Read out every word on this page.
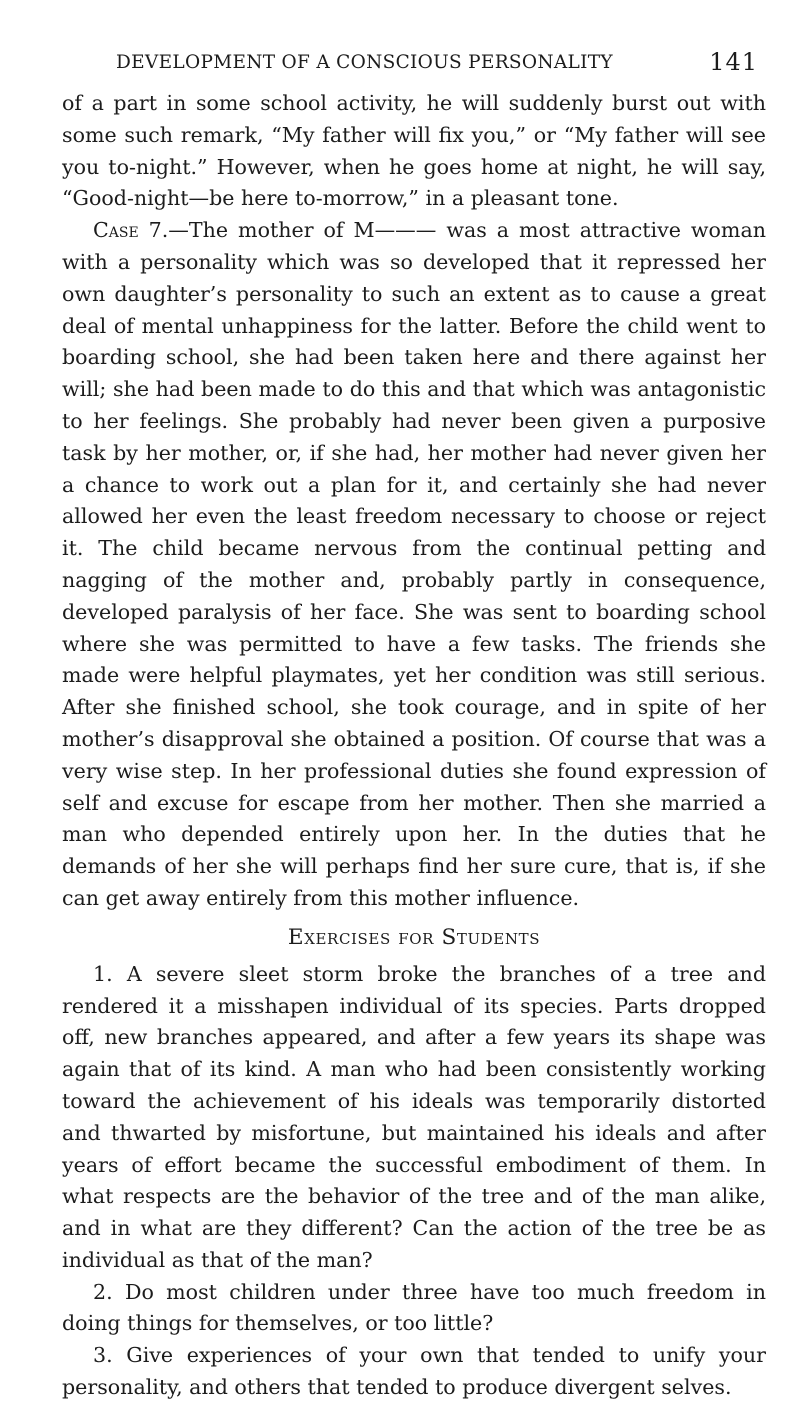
DEVELOPMENT OF A CONSCIOUS PERSONALITY	141

of a part in some school activity, he will suddenly burst out with some such remark, “My father will fix you,” or “My father will see you to-night.” However, when he goes home at night, he will say, “Good-night—be here to-morrow,” in a pleasant tone.

Case 7.—The mother of M——— was a most attractive woman with a personality which was so developed that it repressed her own daughter’s personality to such an extent as to cause a great deal of mental unhappiness for the latter. Before the child went to boarding school, she had been taken here and there against her will; she had been made to do this and that which was antagonistic to her feelings. She probably had never been given a purposive task by her mother, or, if she had, her mother had never given her a chance to work out a plan for it, and certainly she had never allowed her even the least freedom necessary to choose or reject it. The child became nervous from the continual petting and nagging of the mother and, probably partly in consequence, developed paralysis of her face. She was sent to boarding school where she was permitted to have a few tasks. The friends she made were helpful playmates, yet her condition was still serious. After she finished school, she took courage, and in spite of her mother’s disapproval she obtained a position. Of course that was a very wise step. In her professional duties she found expression of self and excuse for escape from her mother. Then she married a man who depended entirely upon her. In the duties that he demands of her she will perhaps find her sure cure, that is, if she can get away entirely from this mother influence.

Exercises for Students

1. A severe sleet storm broke the branches of a tree and rendered it a misshapen individual of its species. Parts dropped off, new branches appeared, and after a few years its shape was again that of its kind. A man who had been consistently working toward the achievement of his ideals was temporarily distorted and thwarted by misfortune, but maintained his ideals and after years of effort became the successful embodiment of them. In what respects are the behavior of the tree and of the man alike, and in what are they different? Can the action of the tree be as individual as that of the man?

2. Do most children under three have too much freedom in doing things for themselves, or too little?

3. Give experiences of your own that tended to unify your personality, and others that tended to produce divergent selves.
